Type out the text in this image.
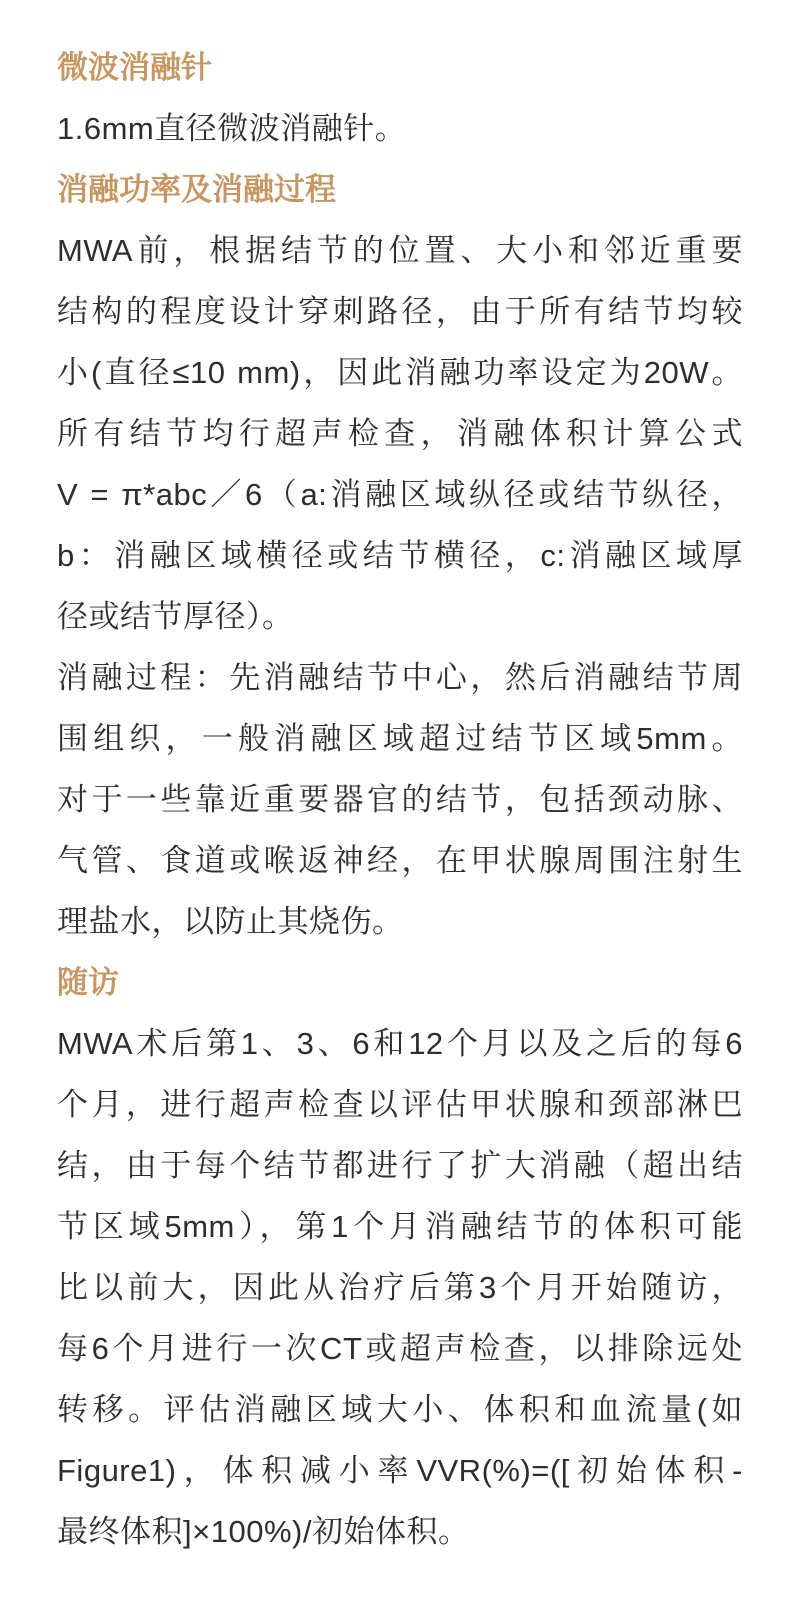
微波消融针

1.6mm直径微波消融针。

消融功率及消融过程

MWA前，根据结节的位置、大小和邻近重要
结构的程度设计穿刺路径，由于所有结节均较
小(直径≤10 mm)，因此消融功率设定为20W。
所有结节均行超声检查，消融体积计算公式
V = π*abc／6（a:消融区域纵径或结节纵径，
b：消融区域横径或结节横径，c:消融区域厚
径或结节厚径）。

消融过程：先消融结节中心，然后消融结节周
围组织，一般消融区域超过结节区域5mm。
对于一些靠近重要器官的结节，包括颈动脉、
气管、食道或喉返神经，在甲状腺周围注射生
理盐水，以防止其烧伤。

随访

MWA术后第1、3、6和12个月以及之后的每6
个月，进行超声检查以评估甲状腺和颈部淋巴
结，由于每个结节都进行了扩大消融（超出结
节区域5mm），第1个月消融结节的体积可能
比以前大，因此从治疗后第3个月开始随访，
每6个月进行一次CT或超声检查，以排除远处
转移。评估消融区域大小、体积和血流量(如
Figure1)，体积减小率VVR(%)=([初始体积-
最终体积]×100%)/初始体积。
